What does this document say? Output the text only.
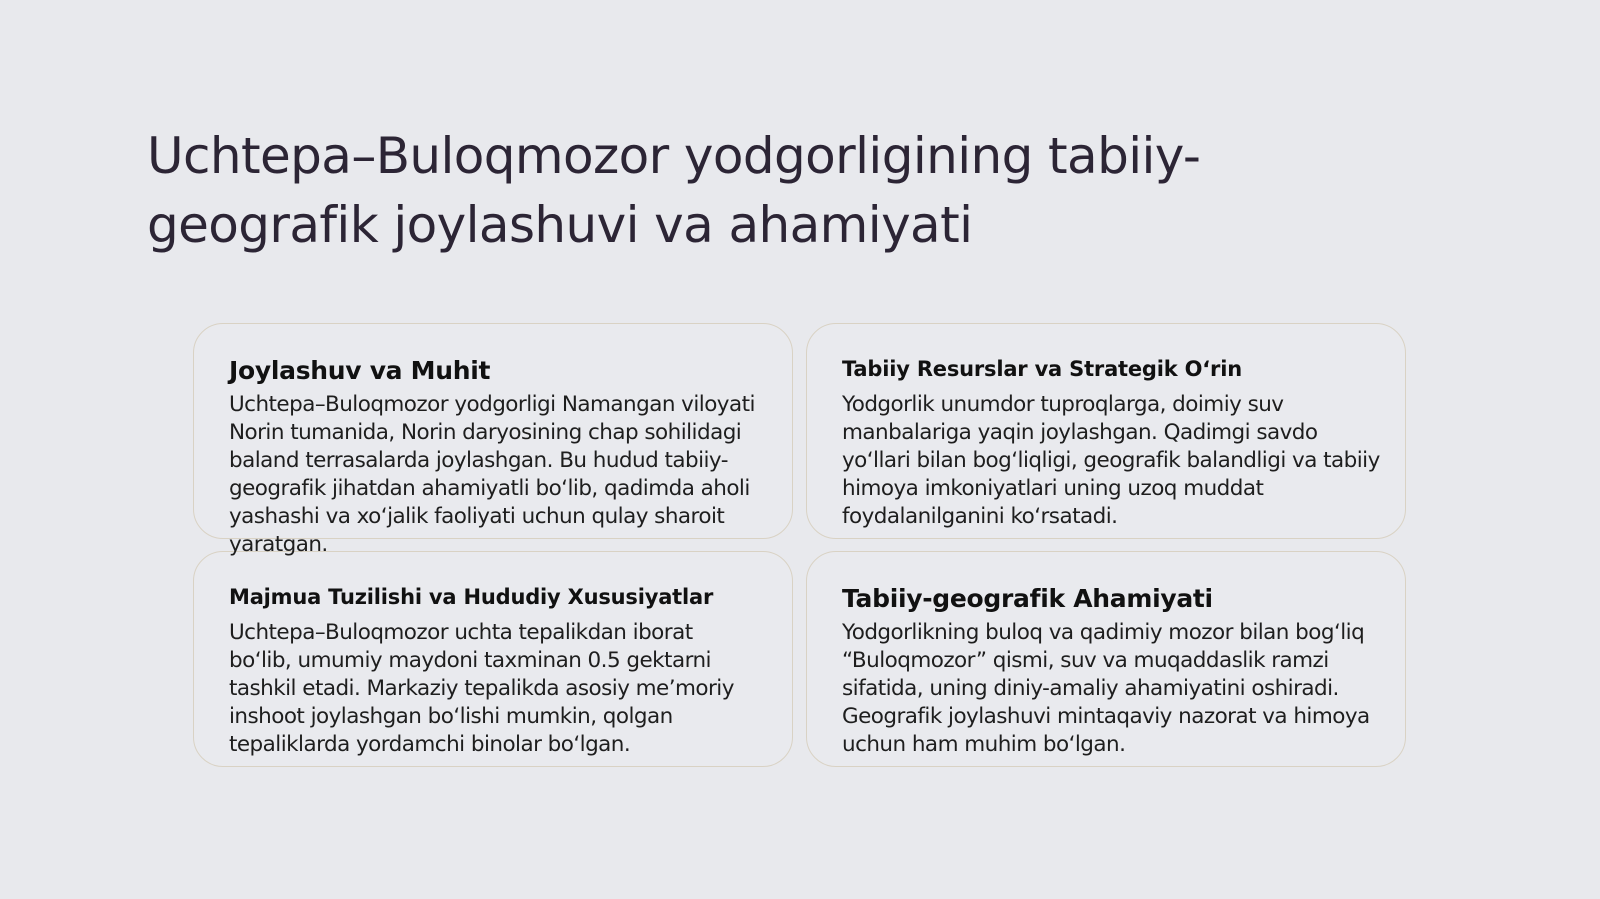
Uchtepa–Buloqmozor yodgorligining tabiiy-
geografik joylashuvi va ahamiyati
Joylashuv va Muhit

Uchtepa–Buloqmozor yodgorligi Namangan viloyati Norin tumanida, Norin daryosining chap sohilidagi baland terrasalarda joylashgan. Bu hudud tabiiy-geografik jihatdan ahamiyatli bo‘lib, qadimda aholi yashashi va xo‘jalik faoliyati uchun qulay sharoit yaratgan.

Tabiiy Resurslar va Strategik O‘rin

Yodgorlik unumdor tuproqlarga, doimiy suv manbalariga yaqin joylashgan. Qadimgi savdo yo‘llari bilan bog‘liqligi, geografik balandligi va tabiiy himoya imkoniyatlari uning uzoq muddat foydalanilganini ko‘rsatadi.

Majmua Tuzilishi va Hududiy Xususiyatlar

Uchtepa–Buloqmozor uchta tepalikdan iborat bo‘lib, umumiy maydoni taxminan 0.5 gektarni tashkil etadi. Markaziy tepalikda asosiy me’moriy inshoot joylashgan bo‘lishi mumkin, qolgan tepaliklarda yordamchi binolar bo‘lgan.

Tabiiy-geografik Ahamiyati

Yodgorlikning buloq va qadimiy mozor bilan bog‘liq “Buloqmozor” qismi, suv va muqaddaslik ramzi sifatida, uning diniy-amaliy ahamiyatini oshiradi. Geografik joylashuvi mintaqaviy nazorat va himoya uchun ham muhim bo‘lgan.
